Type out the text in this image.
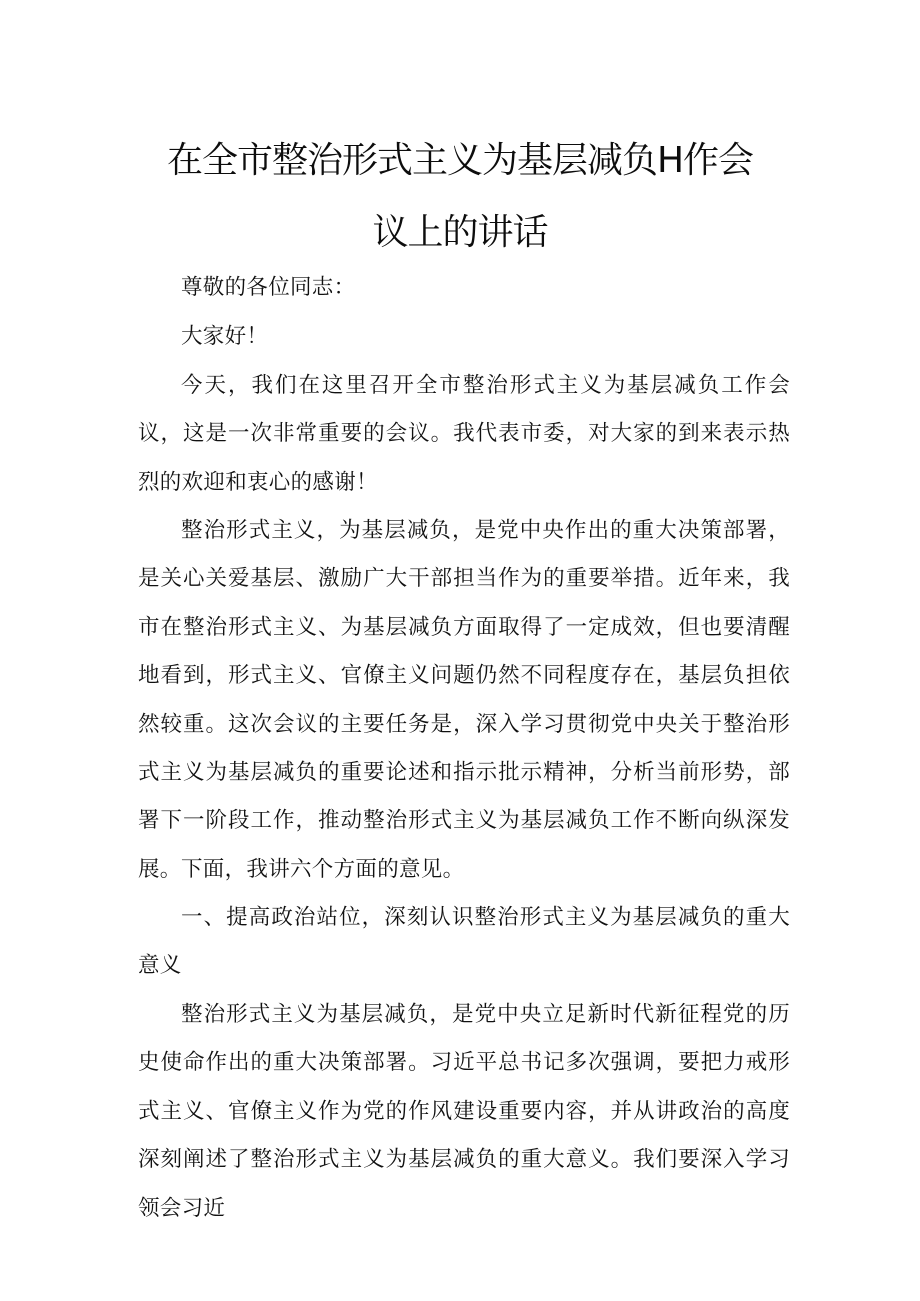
在全市整治形式主义为基层减负H作会
议上的讲话

尊敬的各位同志：

大家好！

今天，我们在这里召开全市整治形式主义为基层减负工作会议，这是一次非常重要的会议。我代表市委，对大家的到来表示热烈的欢迎和衷心的感谢！

整治形式主义，为基层减负，是党中央作出的重大决策部署，是关心关爱基层、激励广大干部担当作为的重要举措。近年来，我市在整治形式主义、为基层减负方面取得了一定成效，但也要清醒地看到，形式主义、官僚主义问题仍然不同程度存在，基层负担依然较重。这次会议的主要任务是，深入学习贯彻党中央关于整治形式主义为基层减负的重要论述和指示批示精神，分析当前形势，部署下一阶段工作，推动整治形式主义为基层减负工作不断向纵深发展。 下面，我讲六个方面的意见。

一、提高政治站位，深刻认识整治形式主义为基层减负的重大意义

整治形式主义为基层减负，是党中央立足新时代新征程党的历史使命作出的重大决策部署。习近平总书记多次强调，要把力戒形式主义、官僚主义作为党的作风建设重要内容，并从讲政治的高度深刻阐述了整治形式主义为基层减负的重大意义。我们要深入学习领会习近
